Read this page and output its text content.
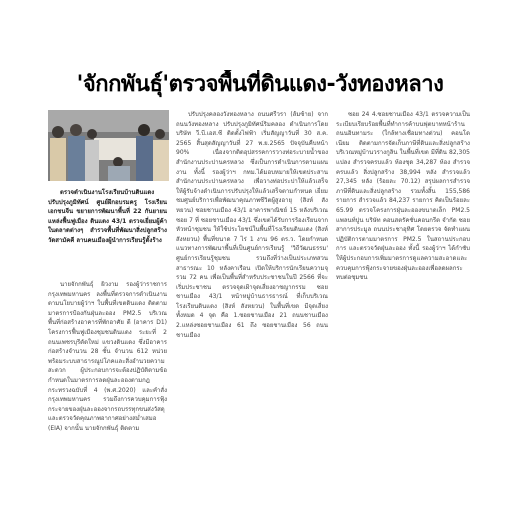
'จักกพันธุ์'ตรวจพื้นที่ดินแดง-วังทองหลาง

ตรวจดำเนินงานโรงเรียนบ้านดินแดง ปรับปรุงภูมิทัศน์ ศูนย์ฝึกอบรมครู โรงเรียนเอกชนจีน ขยายการพัฒนาพื้นที่ 22 กันยายน แหล่งฟื้นฟูเมือง ดินแดง 43/1 ตรวจเยี่ยมผู้ค้าในตลาดต่างๆ สำรวจพื้นที่พัฒนาสิ่งปลูกสร้าง วัดสามัคคี ลานคนเมืองผู้นำการเรียนรู้ตั้งร้าง

นายจักกพันธุ์ ผิวงาม รองผู้ว่าราชการกรุงเทพมหานคร ลงพื้นที่ตรวจการดำเนินงานตามนโยบายผู้ว่าฯ ในพื้นที่เขตดินแดง ติดตามมาตรการป้องกันฝุ่นละออง PM2.5 บริเวณพื้นที่ก่อสร้างอาคารที่พักอาศัย ดี (อาคาร D1) โครงการฟื้นฟูเมืองชุมชนดินแดง ระยะที่ 2 ถนนเพชรบุรีตัดใหม่ แขวงดินแดง ซึ่งมีอาคารก่อสร้างจำนวน 28 ชั้น จำนวน 612 หน่วย พร้อมระบบสาธารณูปโภคและสิ่งอำนวยความสะดวก ผู้ประกอบการจะต้องปฏิบัติตามข้อกำหนดในมาตรการลดฝุ่นละอองตามกฎกระทรวงฉบับที่ 4 (พ.ศ.2020) และคำสั่งกรุงเทพมหานคร รวมถึงการควบคุมการฟุ้งกระจายของฝุ่นละอองจากรถบรรทุกขนส่งวัสดุ และตรวจวัดคุณภาพอากาศอย่างสม่ำเสมอ (EIA) จากนั้น นายจักกพันธุ์ ติดตาม

ปรับปรุงคลองวังทองหลาง ถนนศรีวรา (ส้มซ้าย) จากถนนวังทองหลาง ปรับปรุงภูมิทัศน์ริมคลอง ดำเนินการโดยบริษัท วี.บี.เอส.ซี ติดตั้งไฟฟ้า เริ่มสัญญาวันที่ 30 ส.ค. 2565 สิ้นสุดสัญญาวันที่ 27 พ.ย.2565 ปัจจุบันคืบหน้า 90% เนื่องจากติดอุปสรรคการวางท่อระบายน้ำของสำนักงานประปานครหลวง ซึ่งเป็นการดำเนินการตามแผนงาน ทั้งนี้ รองผู้ว่าฯ กทม.ได้มอบหมายให้เขตประสานสำนักงานประปานครหลวง เพื่อวางท่อประปาให้แล้วเสร็จ ให้ผู้รับจ้างดำเนินการปรับปรุงให้แล้วเสร็จตามกำหนด เยี่ยมชมศูนย์บริการเพื่อพัฒนาคุณภาพชีวิตผู้สูงอายุ (สิงห์ สังหยวน) ซอยชานเมือง 43/1 อาคารพาณิชย์ 15 หลังบริเวณซอย 7 ที่ ซอยชานเมือง 43/1 ซึ่งเขตได้รับการร้องเรียนจากหัวหน้าชุมชน ให้ใช้ประโยชน์ในพื้นที่โรงเรียนดินแดง (สิงห์ สังหยวน) พื้นที่ขนาด 7 ไร่ 1 งาน 96 ตร.ว. โดยกำหนดแนวทางการพัฒนาพื้นที่เป็นศูนย์การเรียนรู้ 'วิถีวัฒนธรรม' ศูนย์การเรียนรู้ชุมชน รวมถึงที่ว่างเป็นประเภทสวนสาธารณะ 10 หลังคาเรือน เปิดให้บริการนักเรียนความจุรวม 72 คน เพื่อเป็นพื้นที่สำหรับประชาชนในปี 2566 ที่จะเริ่มประชาชน ตรวจจุดเฝ้าจุดเสี่ยงอาชญากรรม ซอยชานเมือง 43/1 หน้าหมู่บ้านธารธารณ์ ที่เก็บบริเวณโรงเรียนดินแดง (สิงห์ สังหยวน) ในพื้นที่เขต มีจุดเสี่ยงทั้งหมด 4 จุด คือ 1.ซอยชานเมือง 21 ถนนชานเมือง 2.แหล่งซอยชานเมือง 61 ถึง ซอยชานเมือง 56 ถนนชานเมือง

ซอย 24 4.ซอยชานเมือง 43/1 ตรวจความเป็นระเบียบเรียบร้อยพื้นที่ทำการค้าบนฟุตบาทหน้าร้าน ถนนอินทามระ (ใกล้ทางเชื่อมทางด่วน) คอนโดเนียม ติดตามการจัดเก็บภาษีที่ดินและสิ่งปลูกสร้าง บริเวณหมู่บ้านวรางกูลิน ในพื้นที่เขต มีที่ดิน 82,305 แปลง สำรวจครบแล้ว ห้องชุด 34,287 ห้อง สำรวจครบแล้ว สิ่งปลูกสร้าง 38,994 หลัง สำรวจแล้ว 27,345 หลัง (ร้อยละ 70.12) สรุปผลการสำรวจภาษีที่ดินและสิ่งปลูกสร้าง รวมทั้งสิ้น 155,586 รายการ สำรวจแล้ว 84,237 รายการ คิดเป็นร้อยละ 65.99 ตรวจโครงการฝุ่นละอองขนาดเล็ก PM2.5 แพลนท์ปูน บริษัท คอนสตรัคชั่นคอนกรีต จำกัด ซอยสาการประมูล ถนนประชาอุทิศ โดยตรวจ จัดทำแผนปฏิบัติการตามมาตรการ PM2.5 ในสถานประกอบการ และตรวจวัดฝุ่นละออง ทั้งนี้ รองผู้ว่าฯ ได้กำชับให้ผู้ประกอบการเพิ่มมาตรการดูแลความสะอาดและควบคุมการฟุ้งกระจายของฝุ่นละอองเพื่อลดผลกระทบต่อชุมชน
